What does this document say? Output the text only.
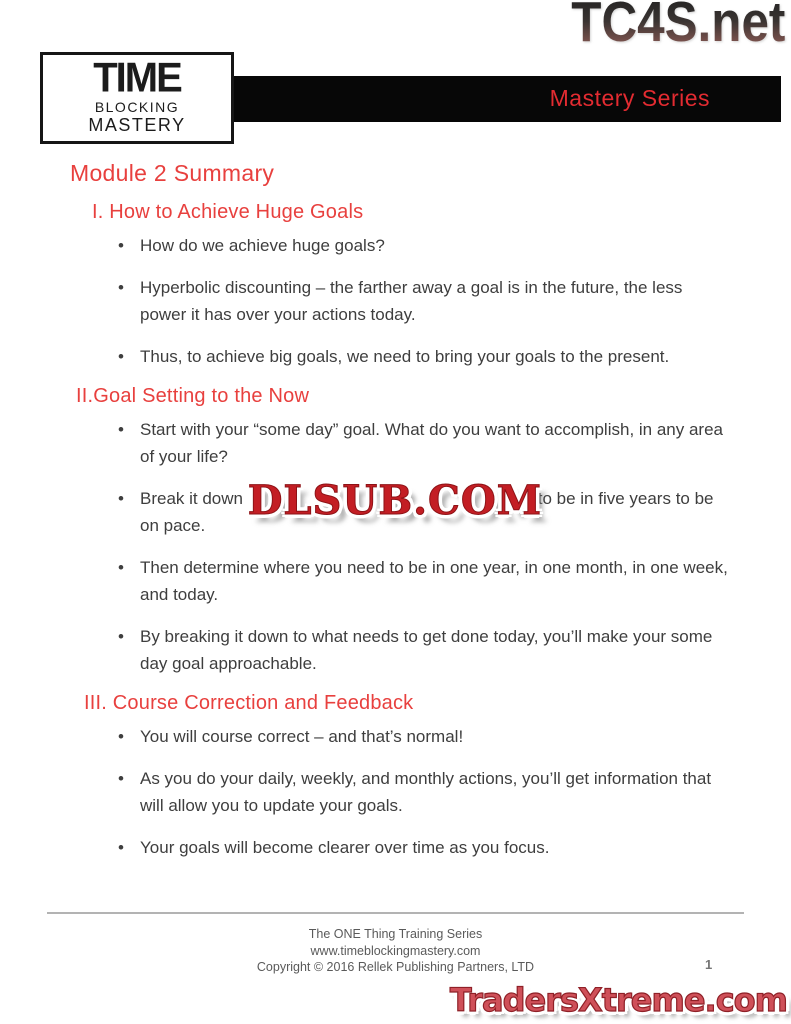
Mastery Series
TIME
BLOCKING
MASTERY
TC4S.net
Module 2 Summary
I. How to Achieve Huge Goals
• How do we achieve huge goals?
• Hyperbolic discounting – the farther away a goal is in the future, the less power it has over your actions today.
• Thus, to achieve big goals, we need to bring your goals to the present.
II.Goal Setting to the Now
• Start with your “some day” goal. What do you want to accomplish, in any area of your life?
• Break it down DLSUB.COM
to be in five years to be on pace.
• Then determine where you need to be in one year, in one month, in one week, and today.
• By breaking it down to what needs to get done today, you’ll make your some day goal approachable.
III. Course Correction and Feedback
• You will course correct – and that’s normal!
• As you do your daily, weekly, and monthly actions, you’ll get information that will allow you to update your goals.
• Your goals will become clearer over time as you focus.
The ONE Thing Training Series
www.timeblockingmastery.com
Copyright © 2016 Rellek Publishing Partners, LTD	1
TradersXtreme.com
